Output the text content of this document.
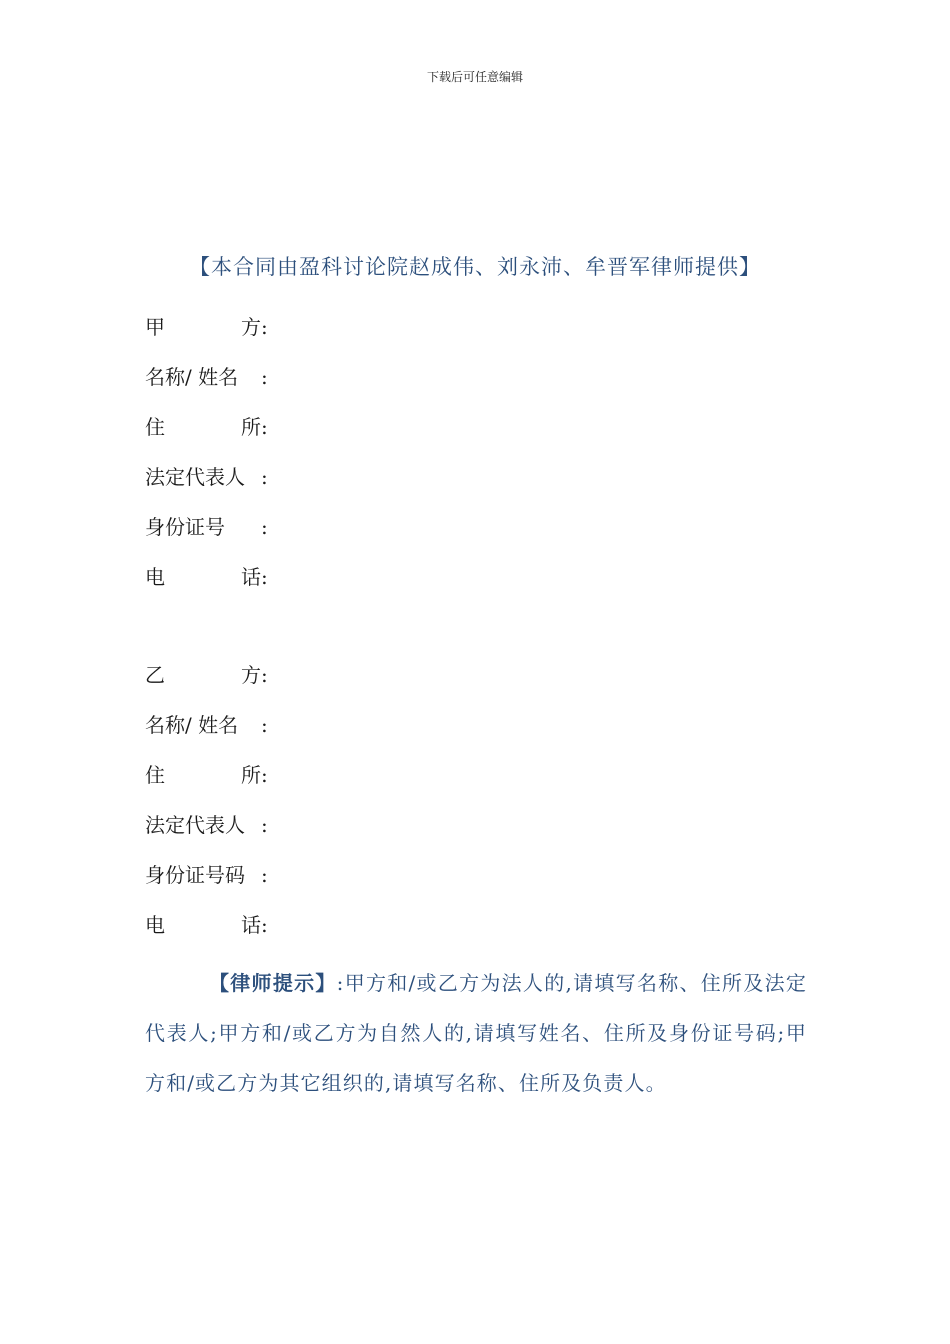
下载后可任意编辑
【本合同由盈科讨论院赵成伟、刘永沛、牟晋军律师提供】
甲	方 :
名称/ 姓名	:
住	所 :
法定代表人 :
身份证号	:
电	话 :
乙	方 :
名称/ 姓名	:
住	所 :
法定代表人 :
身份证号码 :
电	话 :
【律师提示】:甲方和/或乙方为法人的,请填写名称、住所及法定代表人;甲方和/或乙方为自然人的,请填写姓名、住所及身份证号码;甲方和/或乙方为其它组织的,请填写名称、住所及负责人。
